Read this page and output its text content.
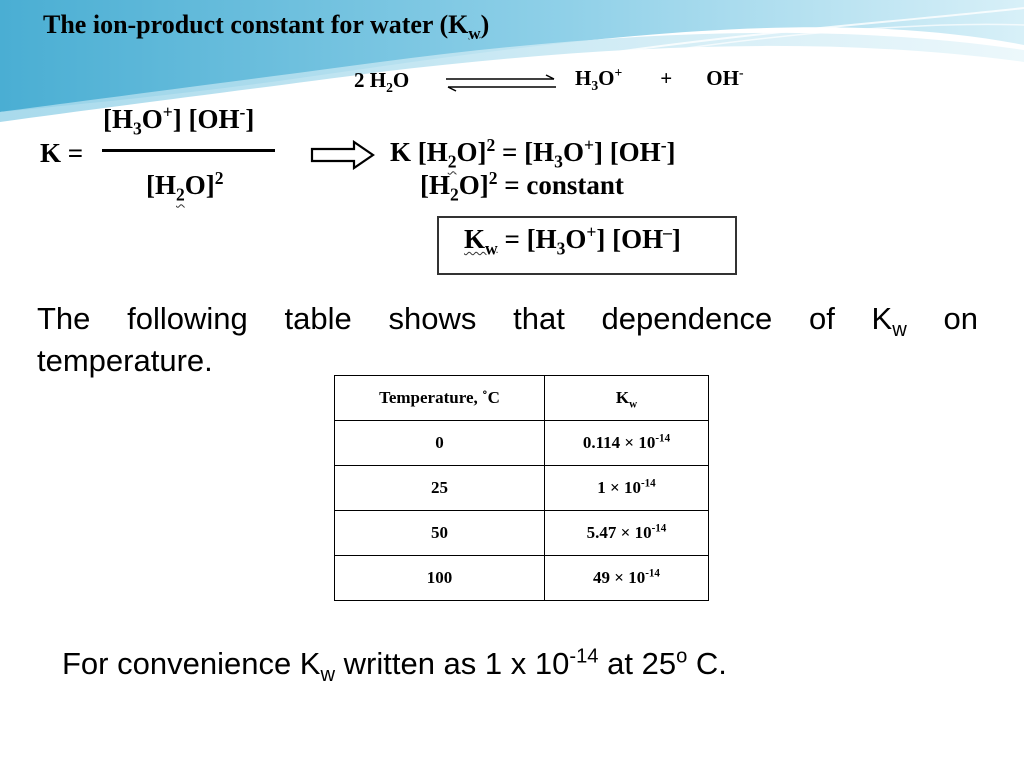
The ion-product constant for water $(K_w)$
2 $H_2O$	$H_3O^+ + OH^-$
K =
$[H_3O^+]$ [OH-]
$[H_2O]^2$
K $[H_2O]^2 = [H_3O^+]$ [OH-]
$[H_2O]^2$ = constant
$K_w = [H_3O^+]$ [OH–]
The following table shows that dependence of $K_w$ on
temperature.
Temperature, ˚C	$K_w$
0	$0.114 \times 10^{-14}$
25	$1 \times 10^{-14}$
50	$5.47 \times 10^{-14}$
100	$49 \times 10^{-14}$
For convenience $K_w$ written as 1 x $10^{-14}$ at 25$^o$ C.
